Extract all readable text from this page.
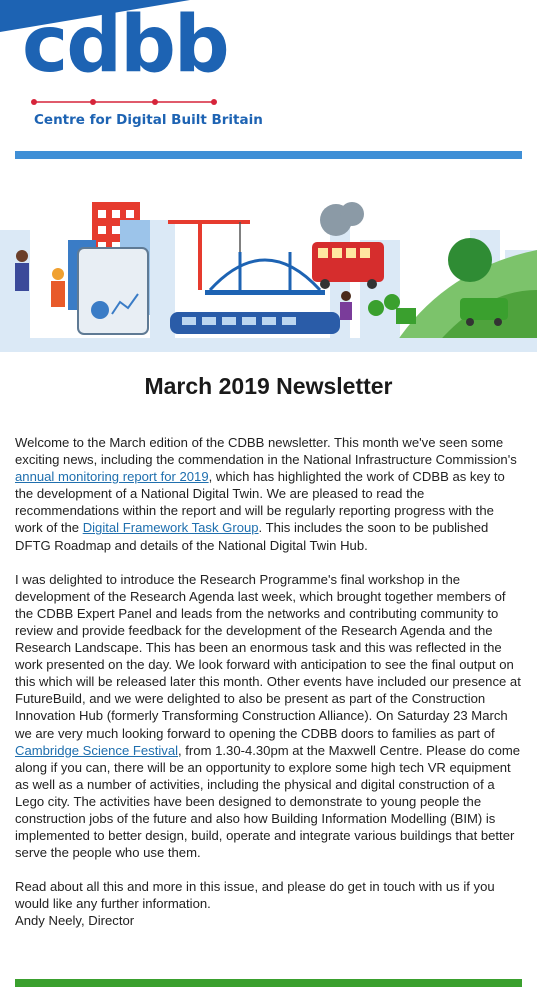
cdbb
Centre for Digital Built Britain
March 2019 Newsletter

Welcome to the March edition of the CDBB newsletter. This month we've seen some exciting news, including the commendation in the National Infrastructure Commission's annual monitoring report for 2019, which has highlighted the work of CDBB as key to the development of a National Digital Twin. We are pleased to read the recommendations within the report and will be regularly reporting progress with the work of the Digital Framework Task Group. This includes the soon to be published DFTG Roadmap and details of the National Digital Twin Hub.

I was delighted to introduce the Research Programme's final workshop in the development of the Research Agenda last week, which brought together members of the CDBB Expert Panel and leads from the networks and contributing community to review and provide feedback for the development of the Research Agenda and the Research Landscape. This has been an enormous task and this was reflected in the work presented on the day. We look forward with anticipation to see the final output on this which will be released later this month. Other events have included our presence at FutureBuild, and we were delighted to also be present as part of the Construction Innovation Hub (formerly Transforming Construction Alliance). On Saturday 23 March we are very much looking forward to opening the CDBB doors to families as part of Cambridge Science Festival, from 1.30-4.30pm at the Maxwell Centre. Please do come along if you can, there will be an opportunity to explore some high tech VR equipment as well as a number of activities, including the physical and digital construction of a Lego city. The activities have been designed to demonstrate to young people the construction jobs of the future and also how Building Information Modelling (BIM) is implemented to better design, build, operate and integrate various buildings that better serve the people who use them.

Read about all this and more in this issue, and please do get in touch with us if you would like any further information.
Andy Neely, Director
